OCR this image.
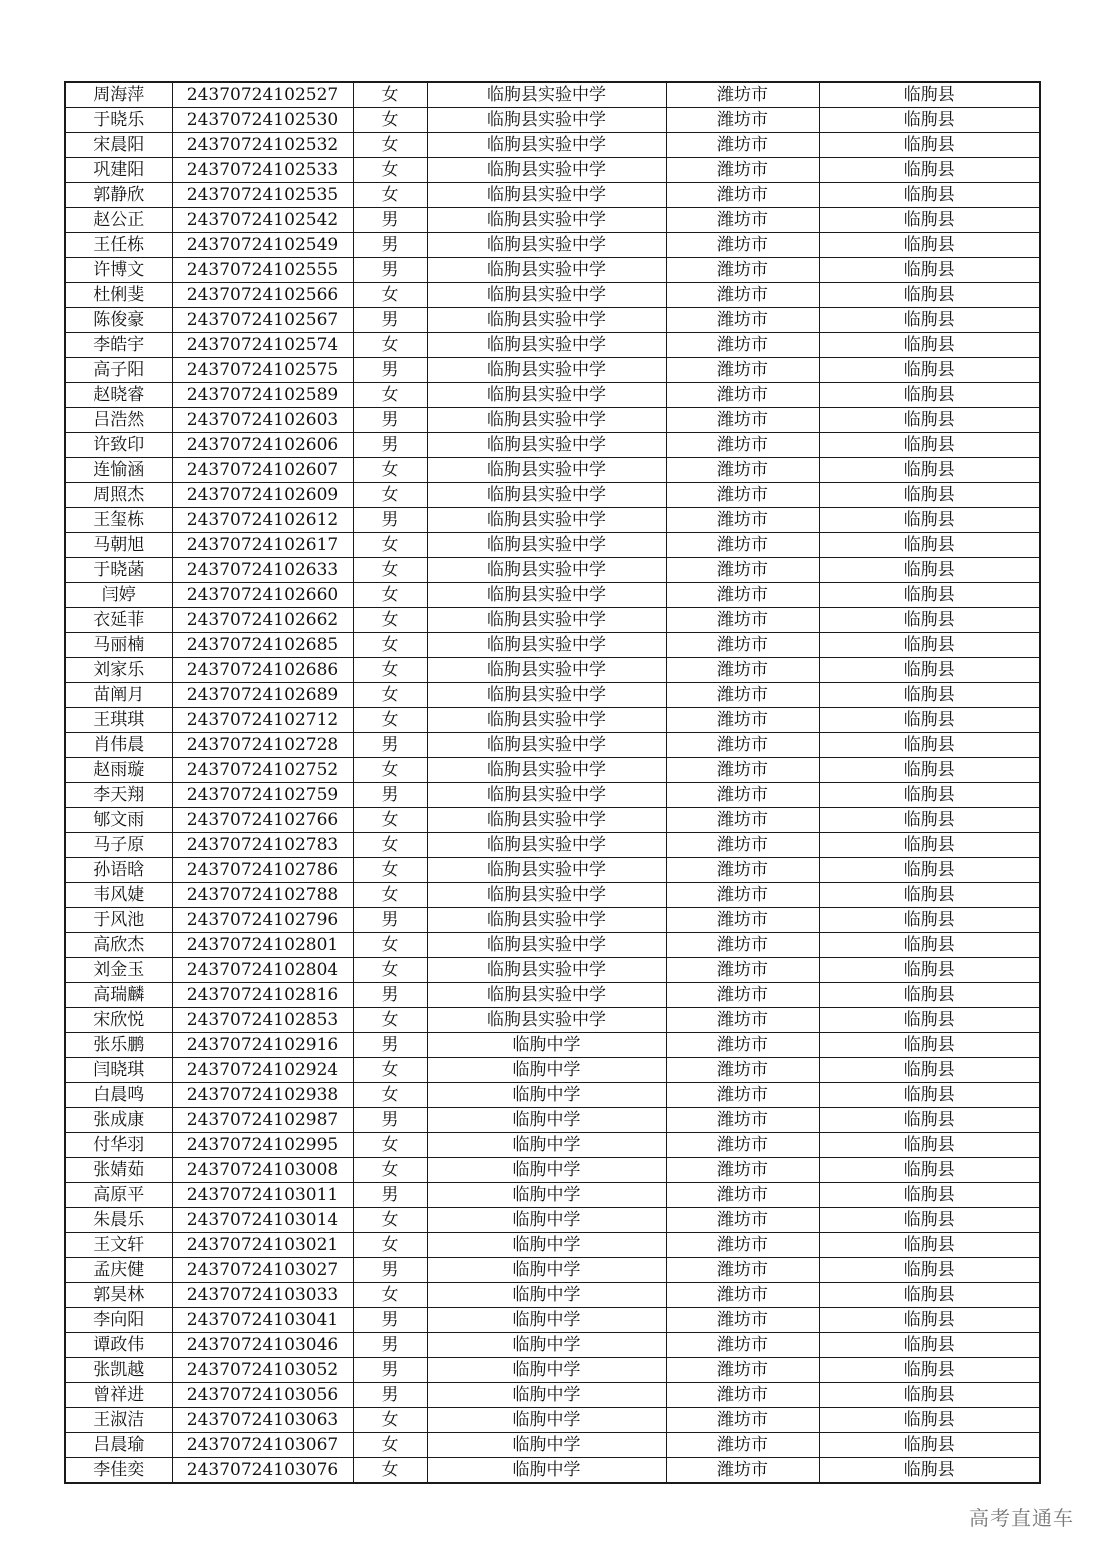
周海萍	24370724102527	女	临朐县实验中学	潍坊市	临朐县
于晓乐	24370724102530	女	临朐县实验中学	潍坊市	临朐县
宋晨阳	24370724102532	女	临朐县实验中学	潍坊市	临朐县
巩建阳	24370724102533	女	临朐县实验中学	潍坊市	临朐县
郭静欣	24370724102535	女	临朐县实验中学	潍坊市	临朐县
赵公正	24370724102542	男	临朐县实验中学	潍坊市	临朐县
王任栋	24370724102549	男	临朐县实验中学	潍坊市	临朐县
许博文	24370724102555	男	临朐县实验中学	潍坊市	临朐县
杜俐斐	24370724102566	女	临朐县实验中学	潍坊市	临朐县
陈俊豪	24370724102567	男	临朐县实验中学	潍坊市	临朐县
李皓宇	24370724102574	女	临朐县实验中学	潍坊市	临朐县
高子阳	24370724102575	男	临朐县实验中学	潍坊市	临朐县
赵晓睿	24370724102589	女	临朐县实验中学	潍坊市	临朐县
吕浩然	24370724102603	男	临朐县实验中学	潍坊市	临朐县
许致印	24370724102606	男	临朐县实验中学	潍坊市	临朐县
连愉涵	24370724102607	女	临朐县实验中学	潍坊市	临朐县
周照杰	24370724102609	女	临朐县实验中学	潍坊市	临朐县
王玺栋	24370724102612	男	临朐县实验中学	潍坊市	临朐县
马朝旭	24370724102617	女	临朐县实验中学	潍坊市	临朐县
于晓菡	24370724102633	女	临朐县实验中学	潍坊市	临朐县
闫婷	24370724102660	女	临朐县实验中学	潍坊市	临朐县
衣延菲	24370724102662	女	临朐县实验中学	潍坊市	临朐县
马丽楠	24370724102685	女	临朐县实验中学	潍坊市	临朐县
刘家乐	24370724102686	女	临朐县实验中学	潍坊市	临朐县
苗阐月	24370724102689	女	临朐县实验中学	潍坊市	临朐县
王琪琪	24370724102712	女	临朐县实验中学	潍坊市	临朐县
肖伟晨	24370724102728	男	临朐县实验中学	潍坊市	临朐县
赵雨璇	24370724102752	女	临朐县实验中学	潍坊市	临朐县
李天翔	24370724102759	男	临朐县实验中学	潍坊市	临朐县
郇文雨	24370724102766	女	临朐县实验中学	潍坊市	临朐县
马子原	24370724102783	女	临朐县实验中学	潍坊市	临朐县
孙语晗	24370724102786	女	临朐县实验中学	潍坊市	临朐县
韦风婕	24370724102788	女	临朐县实验中学	潍坊市	临朐县
于风池	24370724102796	男	临朐县实验中学	潍坊市	临朐县
高欣杰	24370724102801	女	临朐县实验中学	潍坊市	临朐县
刘金玉	24370724102804	女	临朐县实验中学	潍坊市	临朐县
高瑞麟	24370724102816	男	临朐县实验中学	潍坊市	临朐县
宋欣悦	24370724102853	女	临朐县实验中学	潍坊市	临朐县
张乐鹏	24370724102916	男	临朐中学	潍坊市	临朐县
闫晓琪	24370724102924	女	临朐中学	潍坊市	临朐县
白晨鸣	24370724102938	女	临朐中学	潍坊市	临朐县
张成康	24370724102987	男	临朐中学	潍坊市	临朐县
付华羽	24370724102995	女	临朐中学	潍坊市	临朐县
张婧茹	24370724103008	女	临朐中学	潍坊市	临朐县
高原平	24370724103011	男	临朐中学	潍坊市	临朐县
朱晨乐	24370724103014	女	临朐中学	潍坊市	临朐县
王文轩	24370724103021	女	临朐中学	潍坊市	临朐县
孟庆健	24370724103027	男	临朐中学	潍坊市	临朐县
郭昊林	24370724103033	女	临朐中学	潍坊市	临朐县
李向阳	24370724103041	男	临朐中学	潍坊市	临朐县
谭政伟	24370724103046	男	临朐中学	潍坊市	临朐县
张凯越	24370724103052	男	临朐中学	潍坊市	临朐县
曾祥进	24370724103056	男	临朐中学	潍坊市	临朐县
王淑洁	24370724103063	女	临朐中学	潍坊市	临朐县
吕晨瑜	24370724103067	女	临朐中学	潍坊市	临朐县
李佳奕	24370724103076	女	临朐中学	潍坊市	临朐县
高考直通车
